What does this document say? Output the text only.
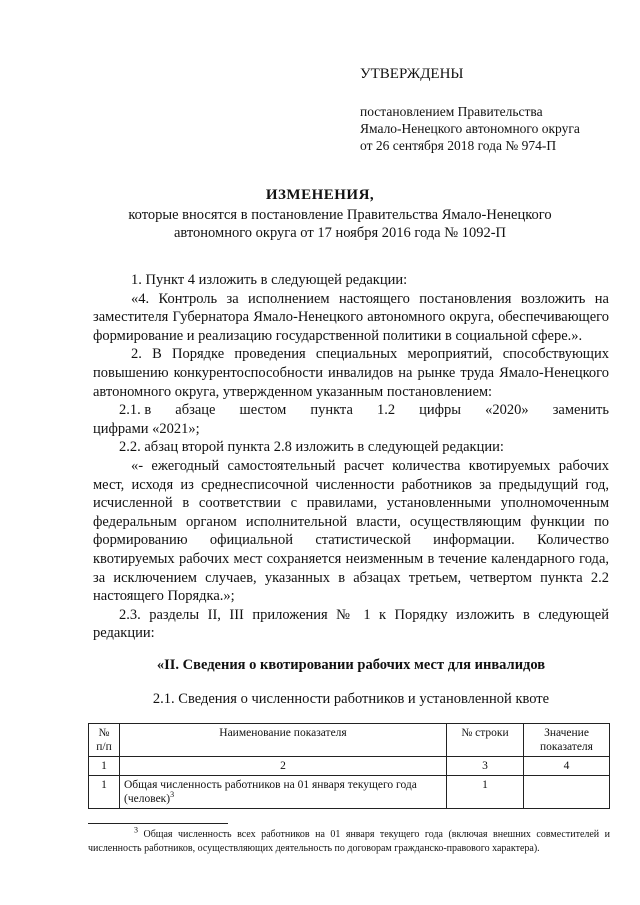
УТВЕРЖДЕНЫ
постановлением Правительства
Ямало-Ненецкого автономного округа
от 26 сентября 2018 года № 974-П
ИЗМЕНЕНИЯ,
которые вносятся в постановление Правительства Ямало-Ненецкого автономного округа от 17 ноября 2016 года № 1092-П

1. Пункт 4 изложить в следующей редакции:

«4. Контроль за исполнением настоящего постановления возложить на заместителя Губернатора Ямало-Ненецкого автономного округа, обеспечивающего формирование и реализацию государственной политики в социальной сфере.».

2. В Порядке проведения специальных мероприятий, способствующих повышению конкурентоспособности инвалидов на рынке труда Ямало-Ненецкого автономного округа, утвержденном указанным постановлением:

2.1. в абзаце шестом пункта 1.2 цифры «2020» заменить

цифрами «2021»;

2.2. абзац второй пункта 2.8 изложить в следующей редакции:

«- ежегодный самостоятельный расчет количества квотируемых рабочих мест, исходя из среднесписочной численности работников за предыдущий год, исчисленной в соответствии с правилами, установленными уполномоченным федеральным органом исполнительной власти, осуществляющим функции по формированию официальной статистической информации. Количество квотируемых рабочих мест сохраняется неизменным в течение календарного года, за исключением случаев, указанных в абзацах третьем, четвертом пункта 2.2 настоящего Порядка.»;

2.3. разделы II, III приложения № 1 к Порядку изложить в следующей редакции:

«II. Сведения о квотировании рабочих мест для инвалидов
2.1. Сведения о численности работников и установленной квоте
№ п/п	Наименование показателя	№ строки	Значение показателя
1	2	3	4
1	Общая численность работников на 01 января текущего года (человек)$^3$	1	
$^3$ Общая численность всех работников на 01 января текущего года (включая внешних совместителей и численность работников, осуществляющих деятельность по договорам гражданско-правового характера).
